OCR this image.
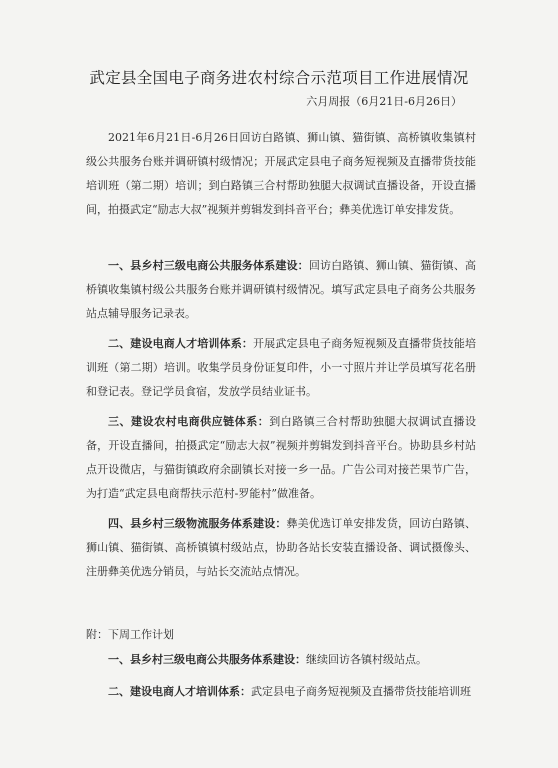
武定县全国电子商务进农村综合示范项目工作进展情况
六月周报（6月21日-6月26日）

2021年6月21日-6月26日回访白路镇、狮山镇、猫街镇、高桥镇收集镇村级公共服务台账并调研镇村级情况；开展武定县电子商务短视频及直播带货技能培训班（第二期）培训；到白路镇三合村帮助独腿大叔调试直播设备，开设直播间，拍摄武定“励志大叔”视频并剪辑发到抖音平台；彝美优选订单安排发货。

一、县乡村三级电商公共服务体系建设：回访白路镇、狮山镇、猫街镇、高桥镇收集镇村级公共服务台账并调研镇村级情况。填写武定县电子商务公共服务站点辅导服务记录表。

二、建设电商人才培训体系：开展武定县电子商务短视频及直播带货技能培训班（第二期）培训。收集学员身份证复印件，小一寸照片并让学员填写花名册和登记表。登记学员食宿，发放学员结业证书。

三、建设农村电商供应链体系：到白路镇三合村帮助独腿大叔调试直播设备，开设直播间，拍摄武定“励志大叔”视频并剪辑发到抖音平台。协助县乡村站点开设微店，与猫街镇政府余副镇长对接一乡一品。广告公司对接芒果节广告，为打造“武定县电商帮扶示范村-罗能村”做准备。

四、县乡村三级物流服务体系建设：彝美优选订单安排发货，回访白路镇、狮山镇、猫街镇、高桥镇镇村级站点，协助各站长安装直播设备、调试摄像头、注册彝美优选分销员，与站长交流站点情况。

附：下周工作计划

一、县乡村三级电商公共服务体系建设：继续回访各镇村级站点。

二、建设电商人才培训体系：武定县电子商务短视频及直播带货技能培训班
